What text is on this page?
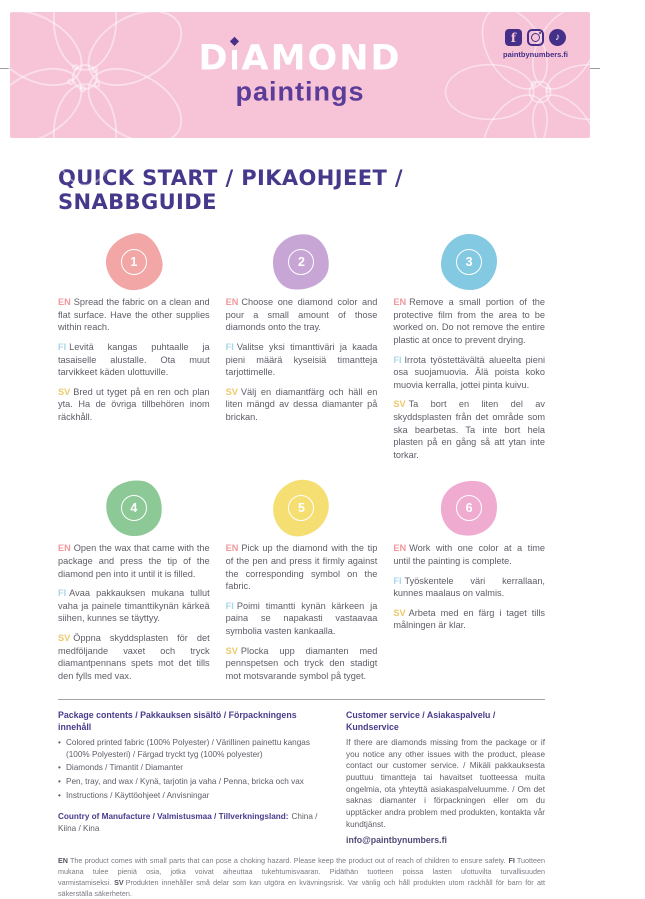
D ◆
I AMOND
paintings
f	♪
paintbynumbers.fi
QUICK START / PIKAOHJEET / SNABBGUIDE
1

EN Spread the fabric on a clean and flat surface. Have the other supplies within reach.

FI Levitä kangas puhtaalle ja tasaiselle alustalle. Ota muut tarvikkeet käden ulottuville.

SV Bred ut tyget på en ren och plan yta. Ha de övriga tillbehören inom räckhåll.

2

EN Choose one diamond color and pour a small amount of those diamonds onto the tray.

FI Valitse yksi timanttiväri ja kaada pieni määrä kyseisiä timantteja tarjottimelle.

SV Välj en diamantfärg och häll en liten mängd av dessa diamanter på brickan.

3

EN Remove a small portion of the protective film from the area to be worked on. Do not remove the entire plastic at once to prevent drying.

FI Irrota työstettävältä alueelta pieni osa suojamuovia. Älä poista koko muovia kerralla, jottei pinta kuivu.

SV Ta bort en liten del av skyddsplasten från det område som ska bearbetas. Ta inte bort hela plasten på en gång så att ytan inte torkar.

4

EN Open the wax that came with the package and press the tip of the diamond pen into it until it is filled.

FI Avaa pakkauksen mukana tullut vaha ja painele timanttikynän kärkeä siihen, kunnes se täyttyy.

SV Öppna skyddsplasten för det medföljande vaxet och tryck diamantpennans spets mot det tills den fylls med vax.

5

EN Pick up the diamond with the tip of the pen and press it firmly against the corresponding symbol on the fabric.

FI Poimi timantti kynän kärkeen ja paina se napakasti vastaavaa symbolia vasten kankaalla.

SV Plocka upp diamanten med pennspetsen och tryck den stadigt mot motsvarande symbol på tyget.

6

EN Work with one color at a time until the painting is complete.

FI Työskentele väri kerrallaan, kunnes maalaus on valmis.

SV Arbeta med en färg i taget tills målningen är klar.

Package contents / Pakkauksen sisältö / Förpackningens innehåll
• Colored printed fabric (100% Polyester) / Värillinen painettu kangas (100% Polyesteri) / Färgad tryckt tyg (100% polyester)
• Diamonds / Timantit / Diamanter
• Pen, tray, and wax / Kynä, tarjotin ja vaha / Penna, bricka och vax
• Instructions / Käyttöohjeet / Anvisningar
Country of Manufacture / Valmistusmaa / Tillverkningsland: China / Kiina / Kina
Customer service / Asiakaspalvelu / Kundservice

If there are diamonds missing from the package or if you notice any other issues with the product, please contact our customer service. / Mikäli pakkauksesta puuttuu timantteja tai havaitset tuotteessa muita ongelmia, ota yhteyttä asiakaspalveluumme. / Om det saknas diamanter i förpackningen eller om du upptäcker andra problem med produkten, kontakta vår kundtjänst.

info@paintbynumbers.fi
EN The product comes with small parts that can pose a choking hazard. Please keep the product out of reach of children to ensure safety. FI Tuotteen mukana tulee pieniä osia, jotka voivat aiheuttaa tukehtumisvaaran. Pidäthän tuotteen poissa lasten ulottuvilta turvallisuuden varmistamiseksi. SV Produkten innehåller små delar som kan utgöra en kvävningsrisk. Var vänlig och håll produkten utom räckhåll för barn för att säkerställa säkerheten.
